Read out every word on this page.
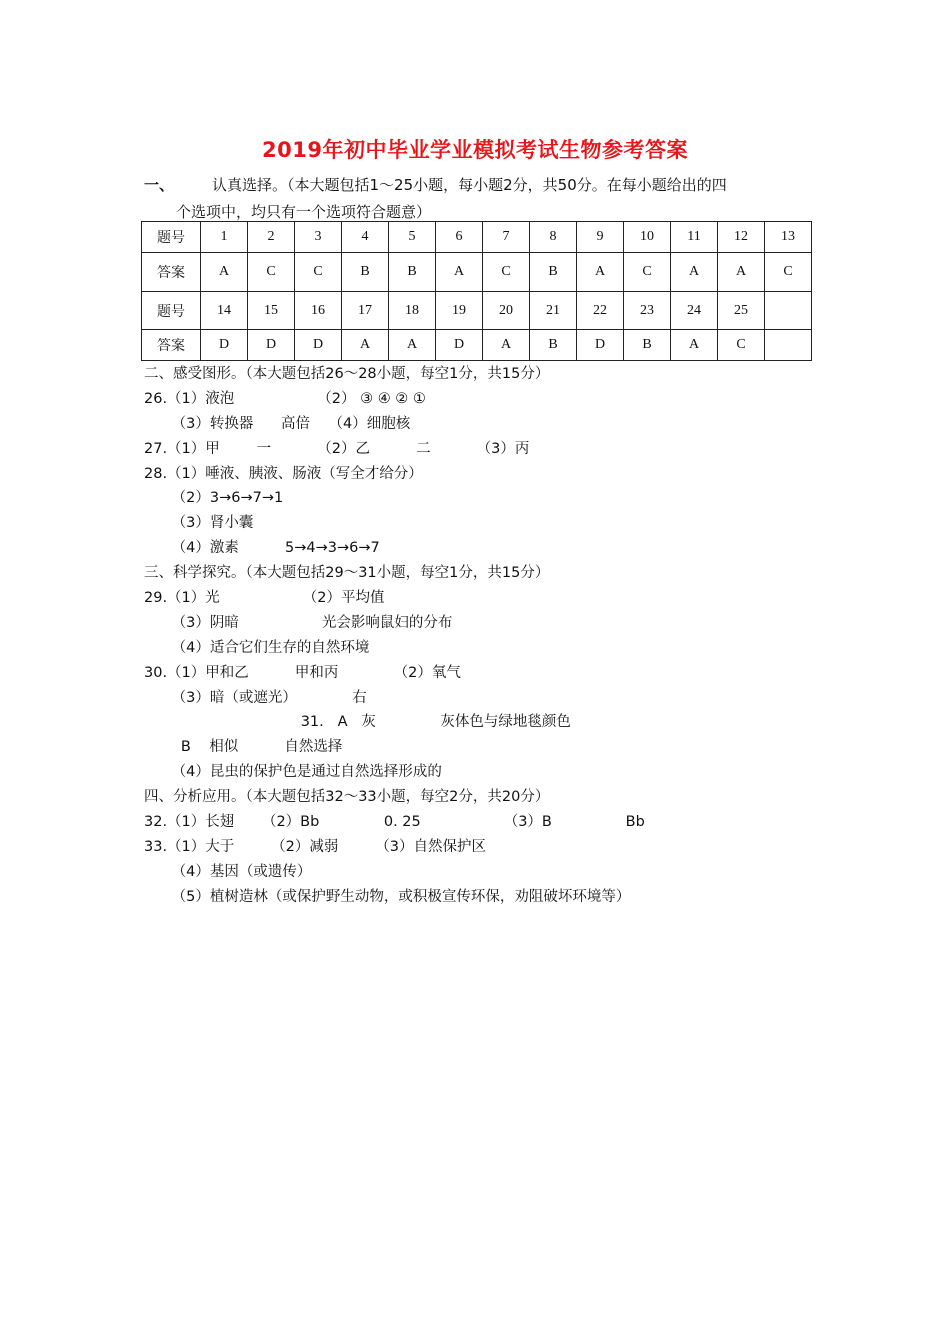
2019年初中毕业学业模拟考试生物参考答案
一、	认真选择。（本大题包括1～25小题，每小题2分，共50分。在每小题给出的四
个选项中，均只有一个选项符合题意）
题号	1	2	3	4	5	6	7	8	9	10	11	12	13
答案	A	C	C	B	B	A	C	B	A	C	A	A	C
题号	14	15	16	17	18	19	20	21	22	23	24	25	
答案	D	D	D	A	A	D	A	B	D	B	A	C	
二、感受图形。（本大题包括26～28小题，每空1分，共15分）
26.（1）液泡                  （2） ③ ④ ② ①
（3）转换器      高倍    （4）细胞核
27.（1）甲        一          （2）乙          二          （3）丙
28.（1）唾液、胰液、肠液（写全才给分）
（2）3→6→7→1
（3）肾小囊
（4）激素          5→4→3→6→7
三、科学探究。（本大题包括29～31小题，每空1分，共15分）
29.（1）光                  （2）平均值
（3）阴暗                  光会影响鼠妇的分布
（4）适合它们生存的自然环境
30.（1）甲和乙          甲和丙            （2）氧气
（3）暗（或遮光）            右
31.   A   灰              灰体色与绿地毯颜色
B    相似          自然选择
（4）昆虫的保护色是通过自然选择形成的
四、分析应用。（本大题包括32～33小题，每空2分，共20分）
32.（1）长翅      （2）Bb              0. 25                  （3）B                Bb
33.（1）大于        （2）减弱        （3）自然保护区
（4）基因（或遗传）
（5）植树造林（或保护野生动物，或积极宣传环保，劝阻破坏环境等）
